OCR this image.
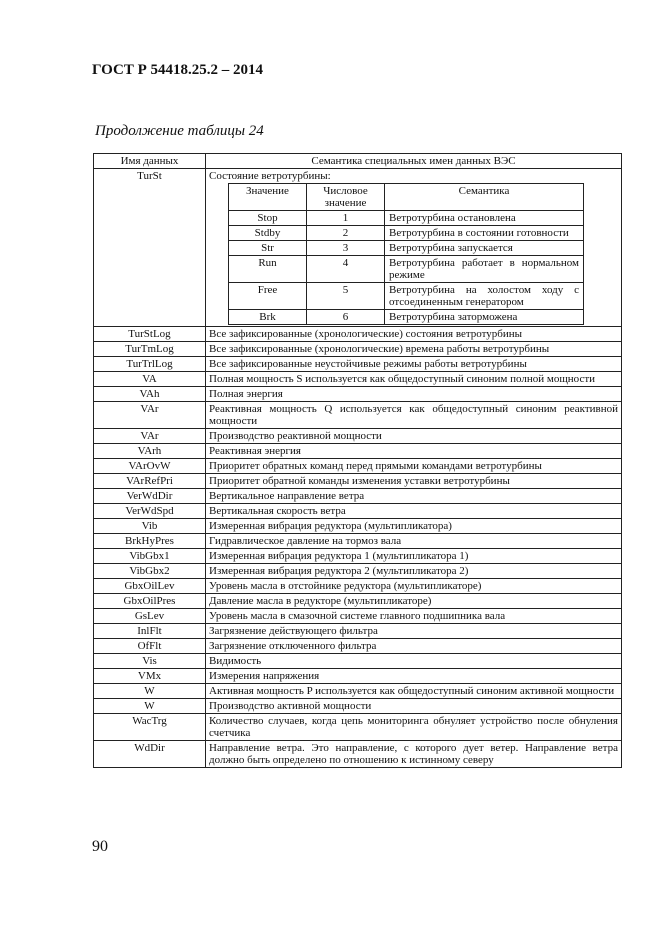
ГОСТ Р 54418.25.2 – 2014
Продолжение таблицы 24
Имя данных	Семантика специальных имен данных ВЭС
TurSt	Состояние ветротурбины:
Значение	Числовое значение	Семантика
Stop	1	Ветротурбина остановлена
Stdby	2	Ветротурбина в состоянии готовности
Str	3	Ветротурбина запускается
Run	4	Ветротурбина работает в нормальном режиме
Free	5	Ветротурбина на холостом ходу с отсоединенным генератором
Brk	6	Ветротурбина заторможена

TurStLog	Все зафиксированные (хронологические) состояния ветротурбины
TurTmLog	Все зафиксированные (хронологические) времена работы ветротурбины
TurTrlLog	Все зафиксированные неустойчивые режимы работы ветротурбины
VA	Полная мощность S используется как общедоступный синоним полной мощности
VAh	Полная энергия
VAr	Реактивная мощность Q используется как общедоступный синоним реактивной мощности
VAr	Производство реактивной мощности
VArh	Реактивная энергия
VArOvW	Приоритет обратных команд перед прямыми командами ветротурбины
VArRefPri	Приоритет обратной команды изменения уставки ветротурбины
VerWdDir	Вертикальное направление ветра
VerWdSpd	Вертикальная скорость ветра
Vib	Измеренная вибрация редуктора (мультипликатора)
BrkHyPres	Гидравлическое давление на тормоз вала
VibGbx1	Измеренная вибрация редуктора 1 (мультипликатора 1)
VibGbx2	Измеренная вибрация редуктора 2 (мультипликатора 2)
GbxOilLev	Уровень масла в отстойнике редуктора (мультипликаторе)
GbxOilPres	Давление масла в редукторе (мультипликаторе)
GsLev	Уровень масла в смазочной системе главного подшипника вала
InlFlt	Загрязнение действующего фильтра
OfFlt	Загрязнение отключенного фильтра
Vis	Видимость
VMx	Измерения напряжения
W	Активная мощность P используется как общедоступный синоним активной мощности
W	Производство активной мощности
WacTrg	Количество случаев, когда цепь мониторинга обнуляет устройство после обнуления счетчика
WdDir	Направление ветра. Это направление, с которого дует ветер. Направление ветра должно быть определено по отношению к истинному северу
90
